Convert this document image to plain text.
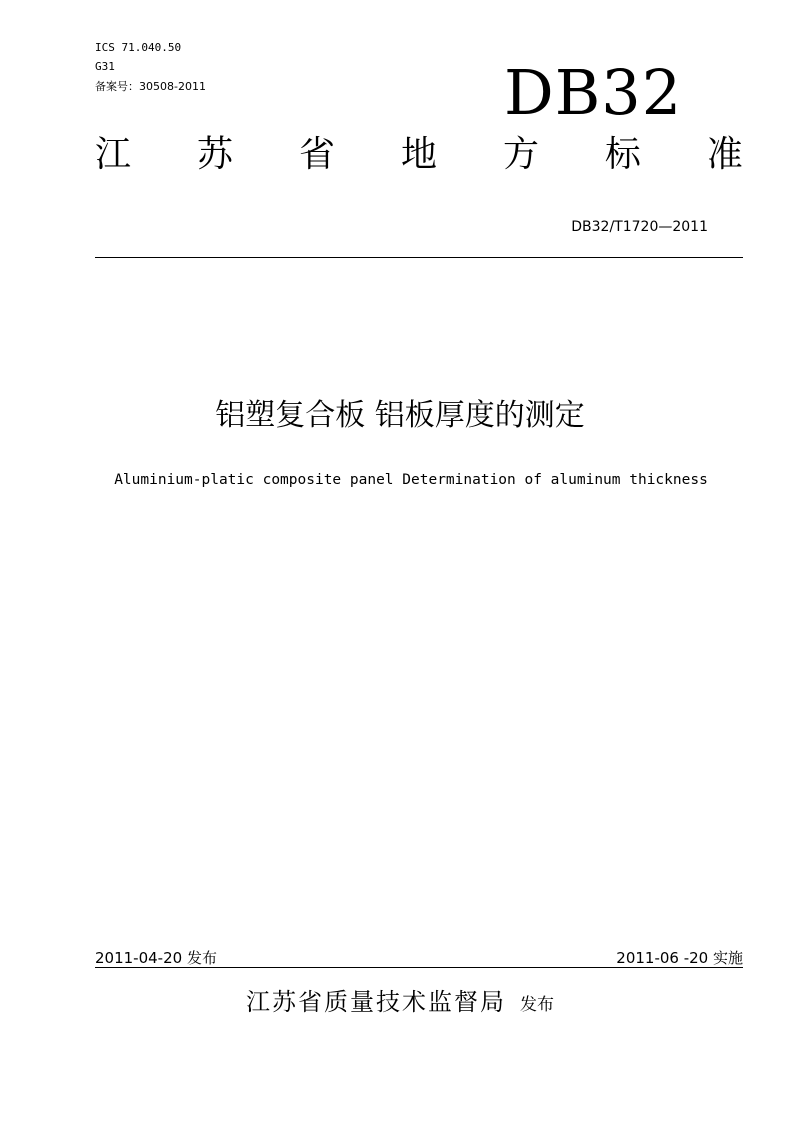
ICS 71.040.50
G31
备案号：30508-2011	DB32
江 苏 省 地 方 标 准
DB32/T1720—2011
铝塑复合板 铝板厚度的测定
Aluminium-platic composite panel Determination of aluminum thickness
2011-04-20 发布	2011-06 -20 实施
江苏省质量技术监督局 发布
